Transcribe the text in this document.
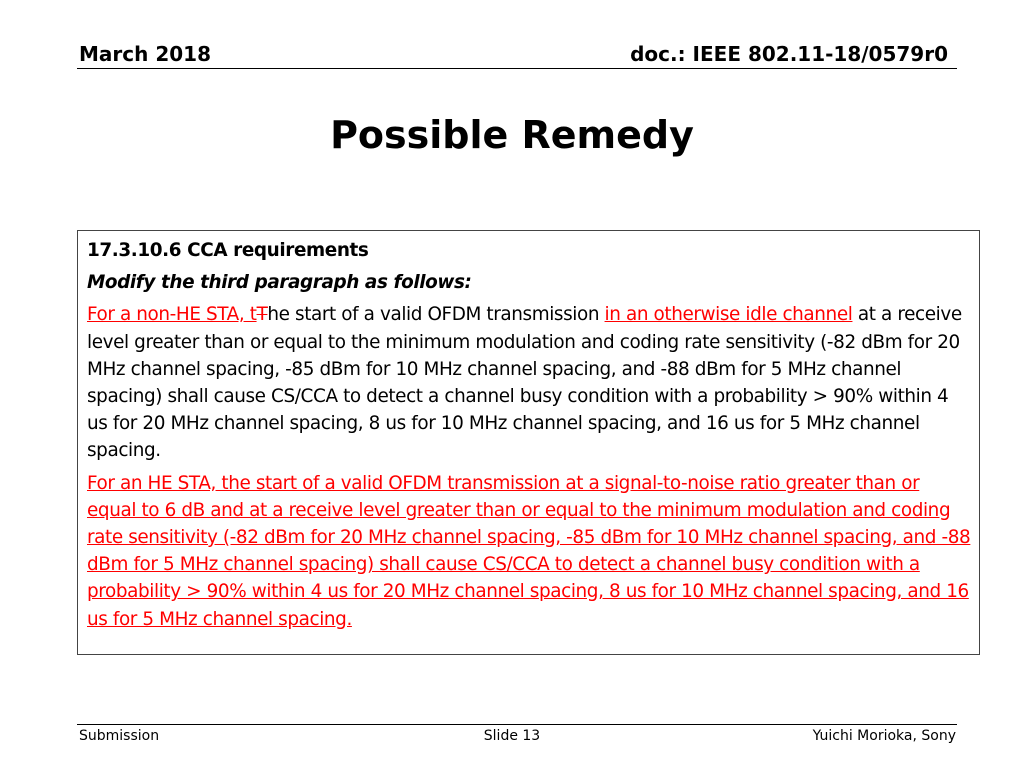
March 2018	doc.: IEEE 802.11-18/0579r0
Possible Remedy

17.3.10.6 CCA requirements

Modify the third paragraph as follows:

For a non-HE STA, tThe start of a valid OFDM transmission in an otherwise idle channel at a receive level greater than or equal to the minimum modulation and coding rate sensitivity (-82 dBm for 20 MHz channel spacing, -85 dBm for 10 MHz channel spacing, and -88 dBm for 5 MHz channel spacing) shall cause CS/CCA to detect a channel busy condition with a probability > 90% within 4 us for 20 MHz channel spacing, 8 us for 10 MHz channel spacing, and 16 us for 5 MHz channel spacing.

For an HE STA, the start of a valid OFDM transmission at a signal-to-noise ratio greater than or equal to 6 dB and at a receive level greater than or equal to the minimum modulation and coding rate sensitivity (-82 dBm for 20 MHz channel spacing, -85 dBm for 10 MHz channel spacing, and -88 dBm for 5 MHz channel spacing) shall cause CS/CCA to detect a channel busy condition with a probability > 90% within 4 us for 20 MHz channel spacing, 8 us for 10 MHz channel spacing, and 16 us for 5 MHz channel spacing.

Submission	Slide 13	Yuichi Morioka, Sony
